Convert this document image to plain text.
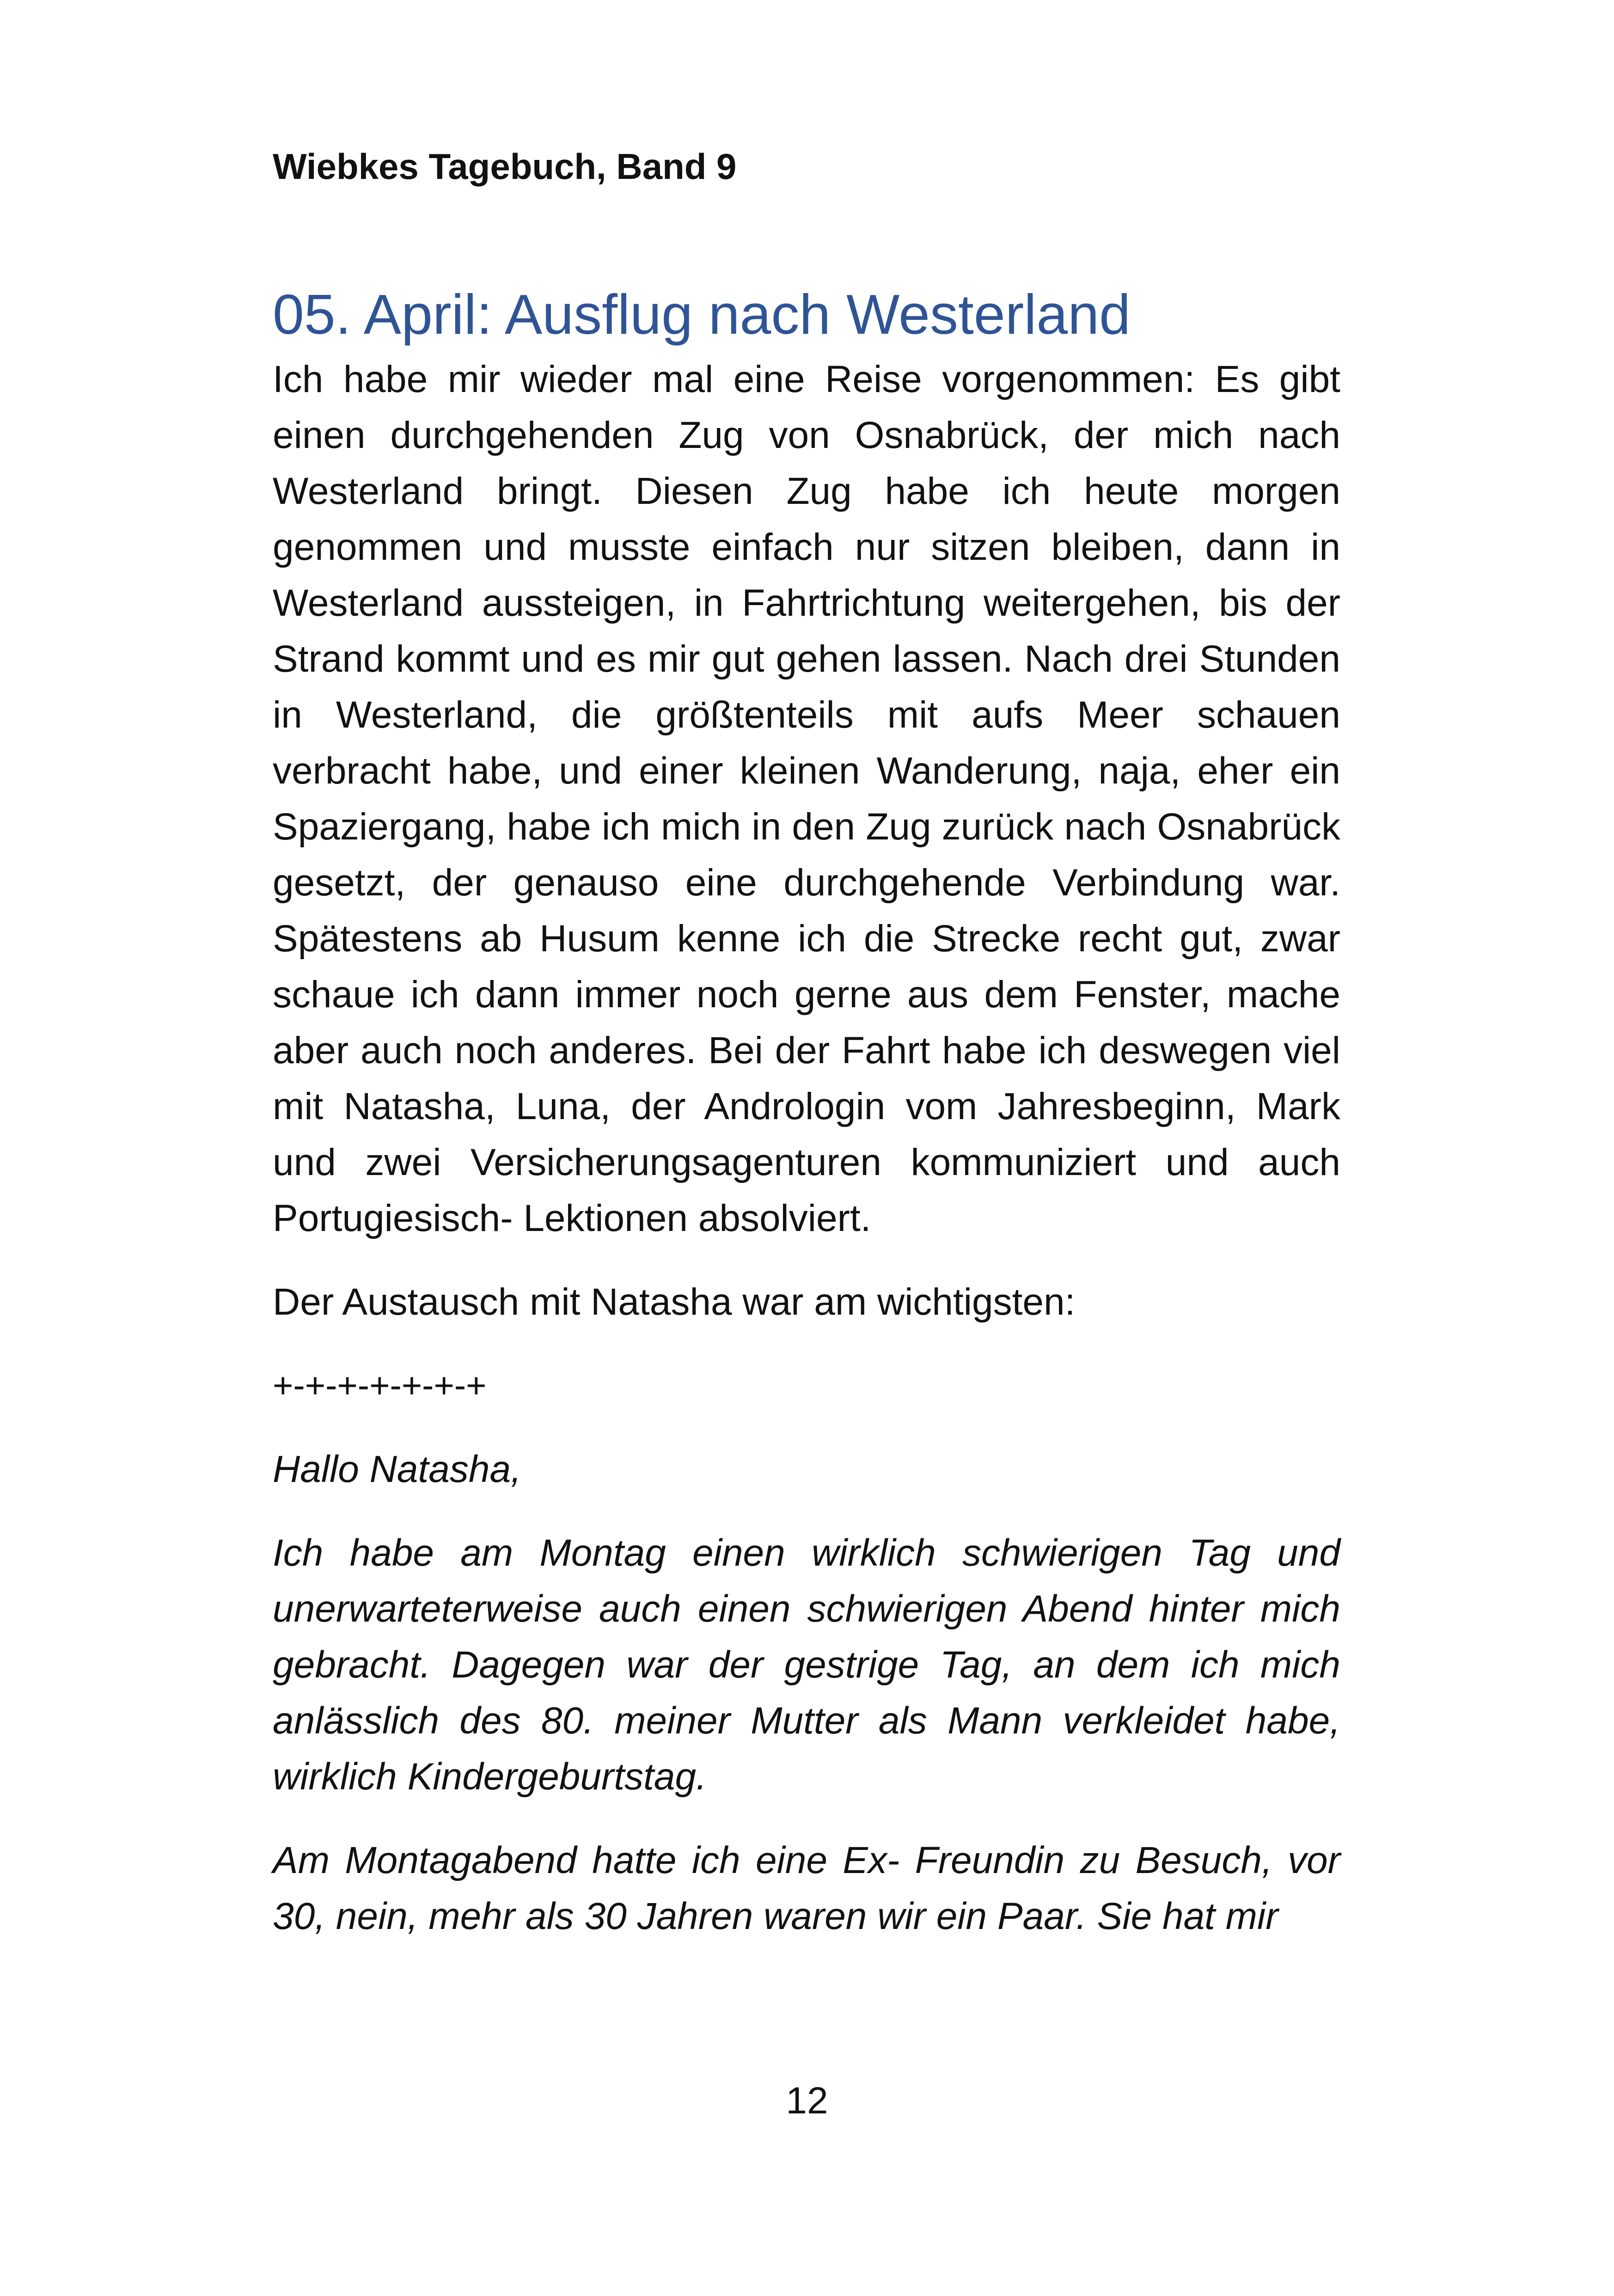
Wiebkes Tagebuch, Band 9
05. April: Ausflug nach Westerland

Ich habe mir wieder mal eine Reise vorgenommen: Es gibt einen durchgehenden Zug von Osnabrück, der mich nach Westerland bringt. Diesen Zug habe ich heute morgen genommen und musste einfach nur sitzen bleiben, dann in Westerland aussteigen, in Fahrtrichtung weitergehen, bis der Strand kommt und es mir gut gehen lassen. Nach drei Stunden in Westerland, die größtenteils mit aufs Meer schauen verbracht habe, und einer kleinen Wanderung, naja, eher ein Spaziergang, habe ich mich in den Zug zurück nach Osnabrück gesetzt, der genauso eine durchgehende Verbindung war. Spätestens ab Husum kenne ich die Strecke recht gut, zwar schaue ich dann immer noch gerne aus dem Fenster, mache aber auch noch anderes. Bei der Fahrt habe ich deswegen viel mit Natasha, Luna, der Andrologin vom Jahresbeginn, Mark und zwei Versicherungsagenturen kommuniziert und auch Portugiesisch- Lektionen absolviert.

Der Austausch mit Natasha war am wichtigsten:

+-+-+-+-+-+-+

Hallo Natasha,

Ich habe am Montag einen wirklich schwierigen Tag und unerwarteterweise auch einen schwierigen Abend hinter mich gebracht. Dagegen war der gestrige Tag, an dem ich mich anlässlich des 80. meiner Mutter als Mann verkleidet habe, wirklich Kindergeburtstag.

Am Montagabend hatte ich eine Ex- Freundin zu Besuch, vor 30, nein, mehr als 30 Jahren waren wir ein Paar. Sie hat mir

12
